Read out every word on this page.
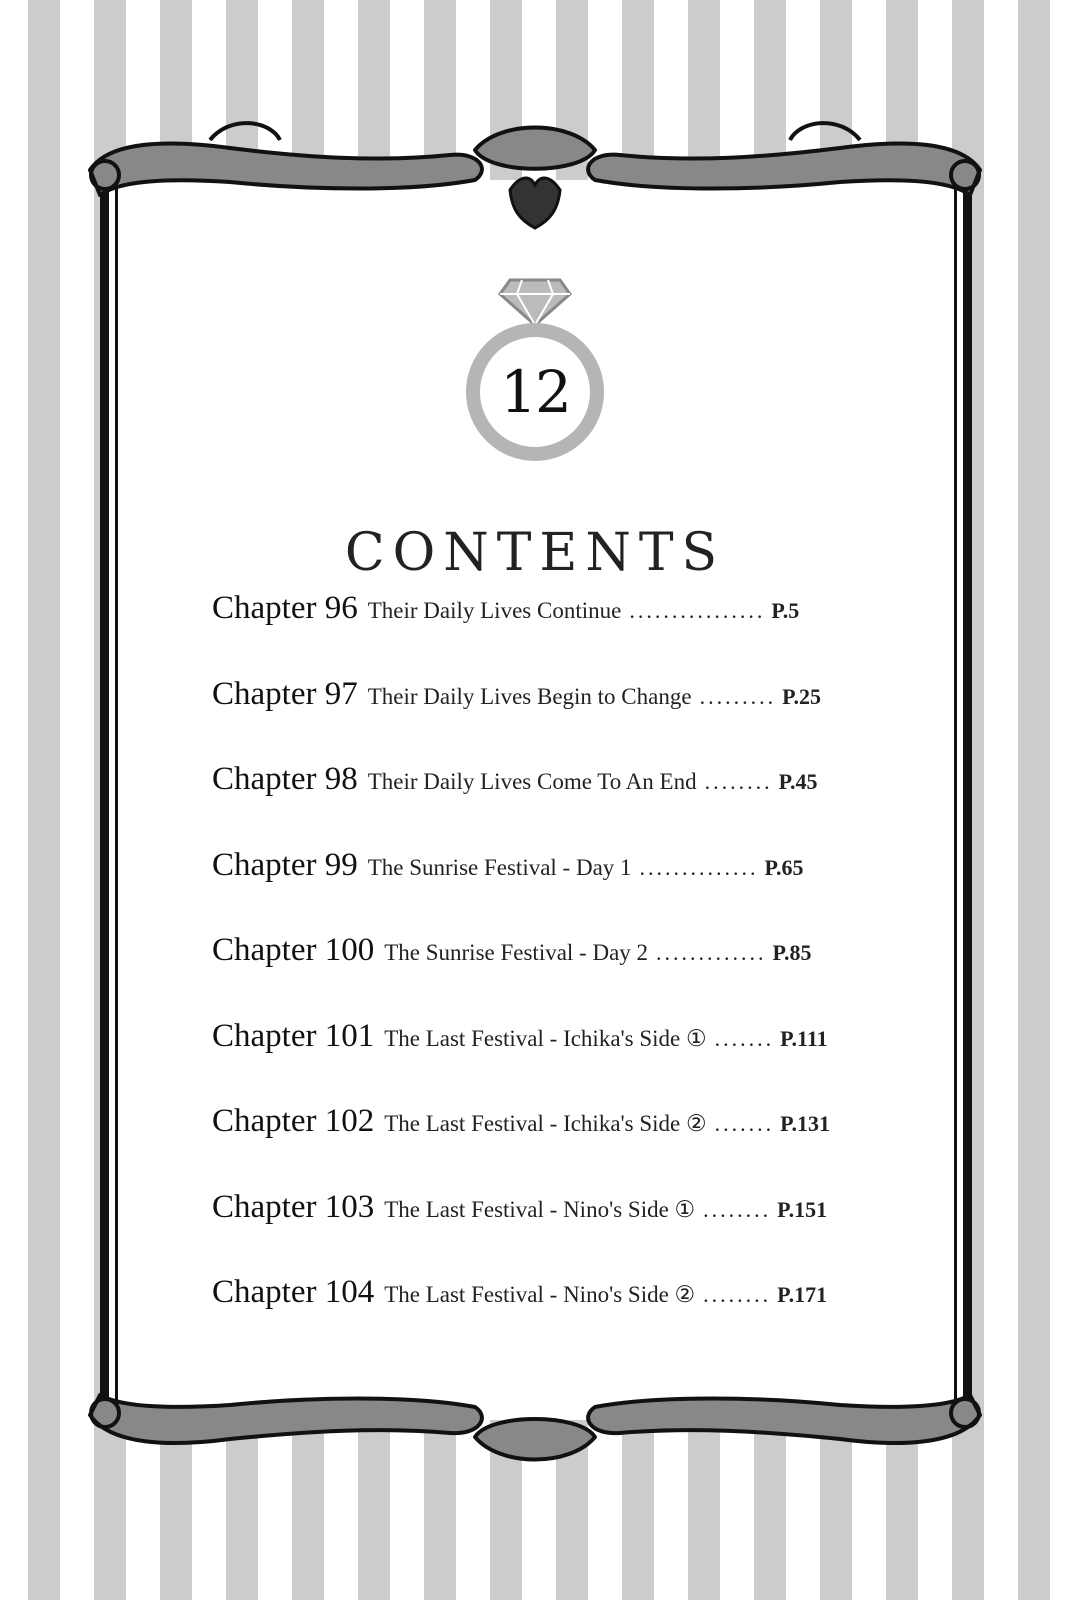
12
CONTENTS
Chapter 96 Their Daily Lives Continue ................ P.5
Chapter 97 Their Daily Lives Begin to Change ......... P.25
Chapter 98 Their Daily Lives Come To An End ........ P.45
Chapter 99 The Sunrise Festival - Day 1 .............. P.65
Chapter 100 The Sunrise Festival - Day 2 ............. P.85
Chapter 101 The Last Festival - Ichika's Side ① ....... P.111
Chapter 102 The Last Festival - Ichika's Side ② ....... P.131
Chapter 103 The Last Festival - Nino's Side ① ........ P.151
Chapter 104 The Last Festival - Nino's Side ② ........ P.171
